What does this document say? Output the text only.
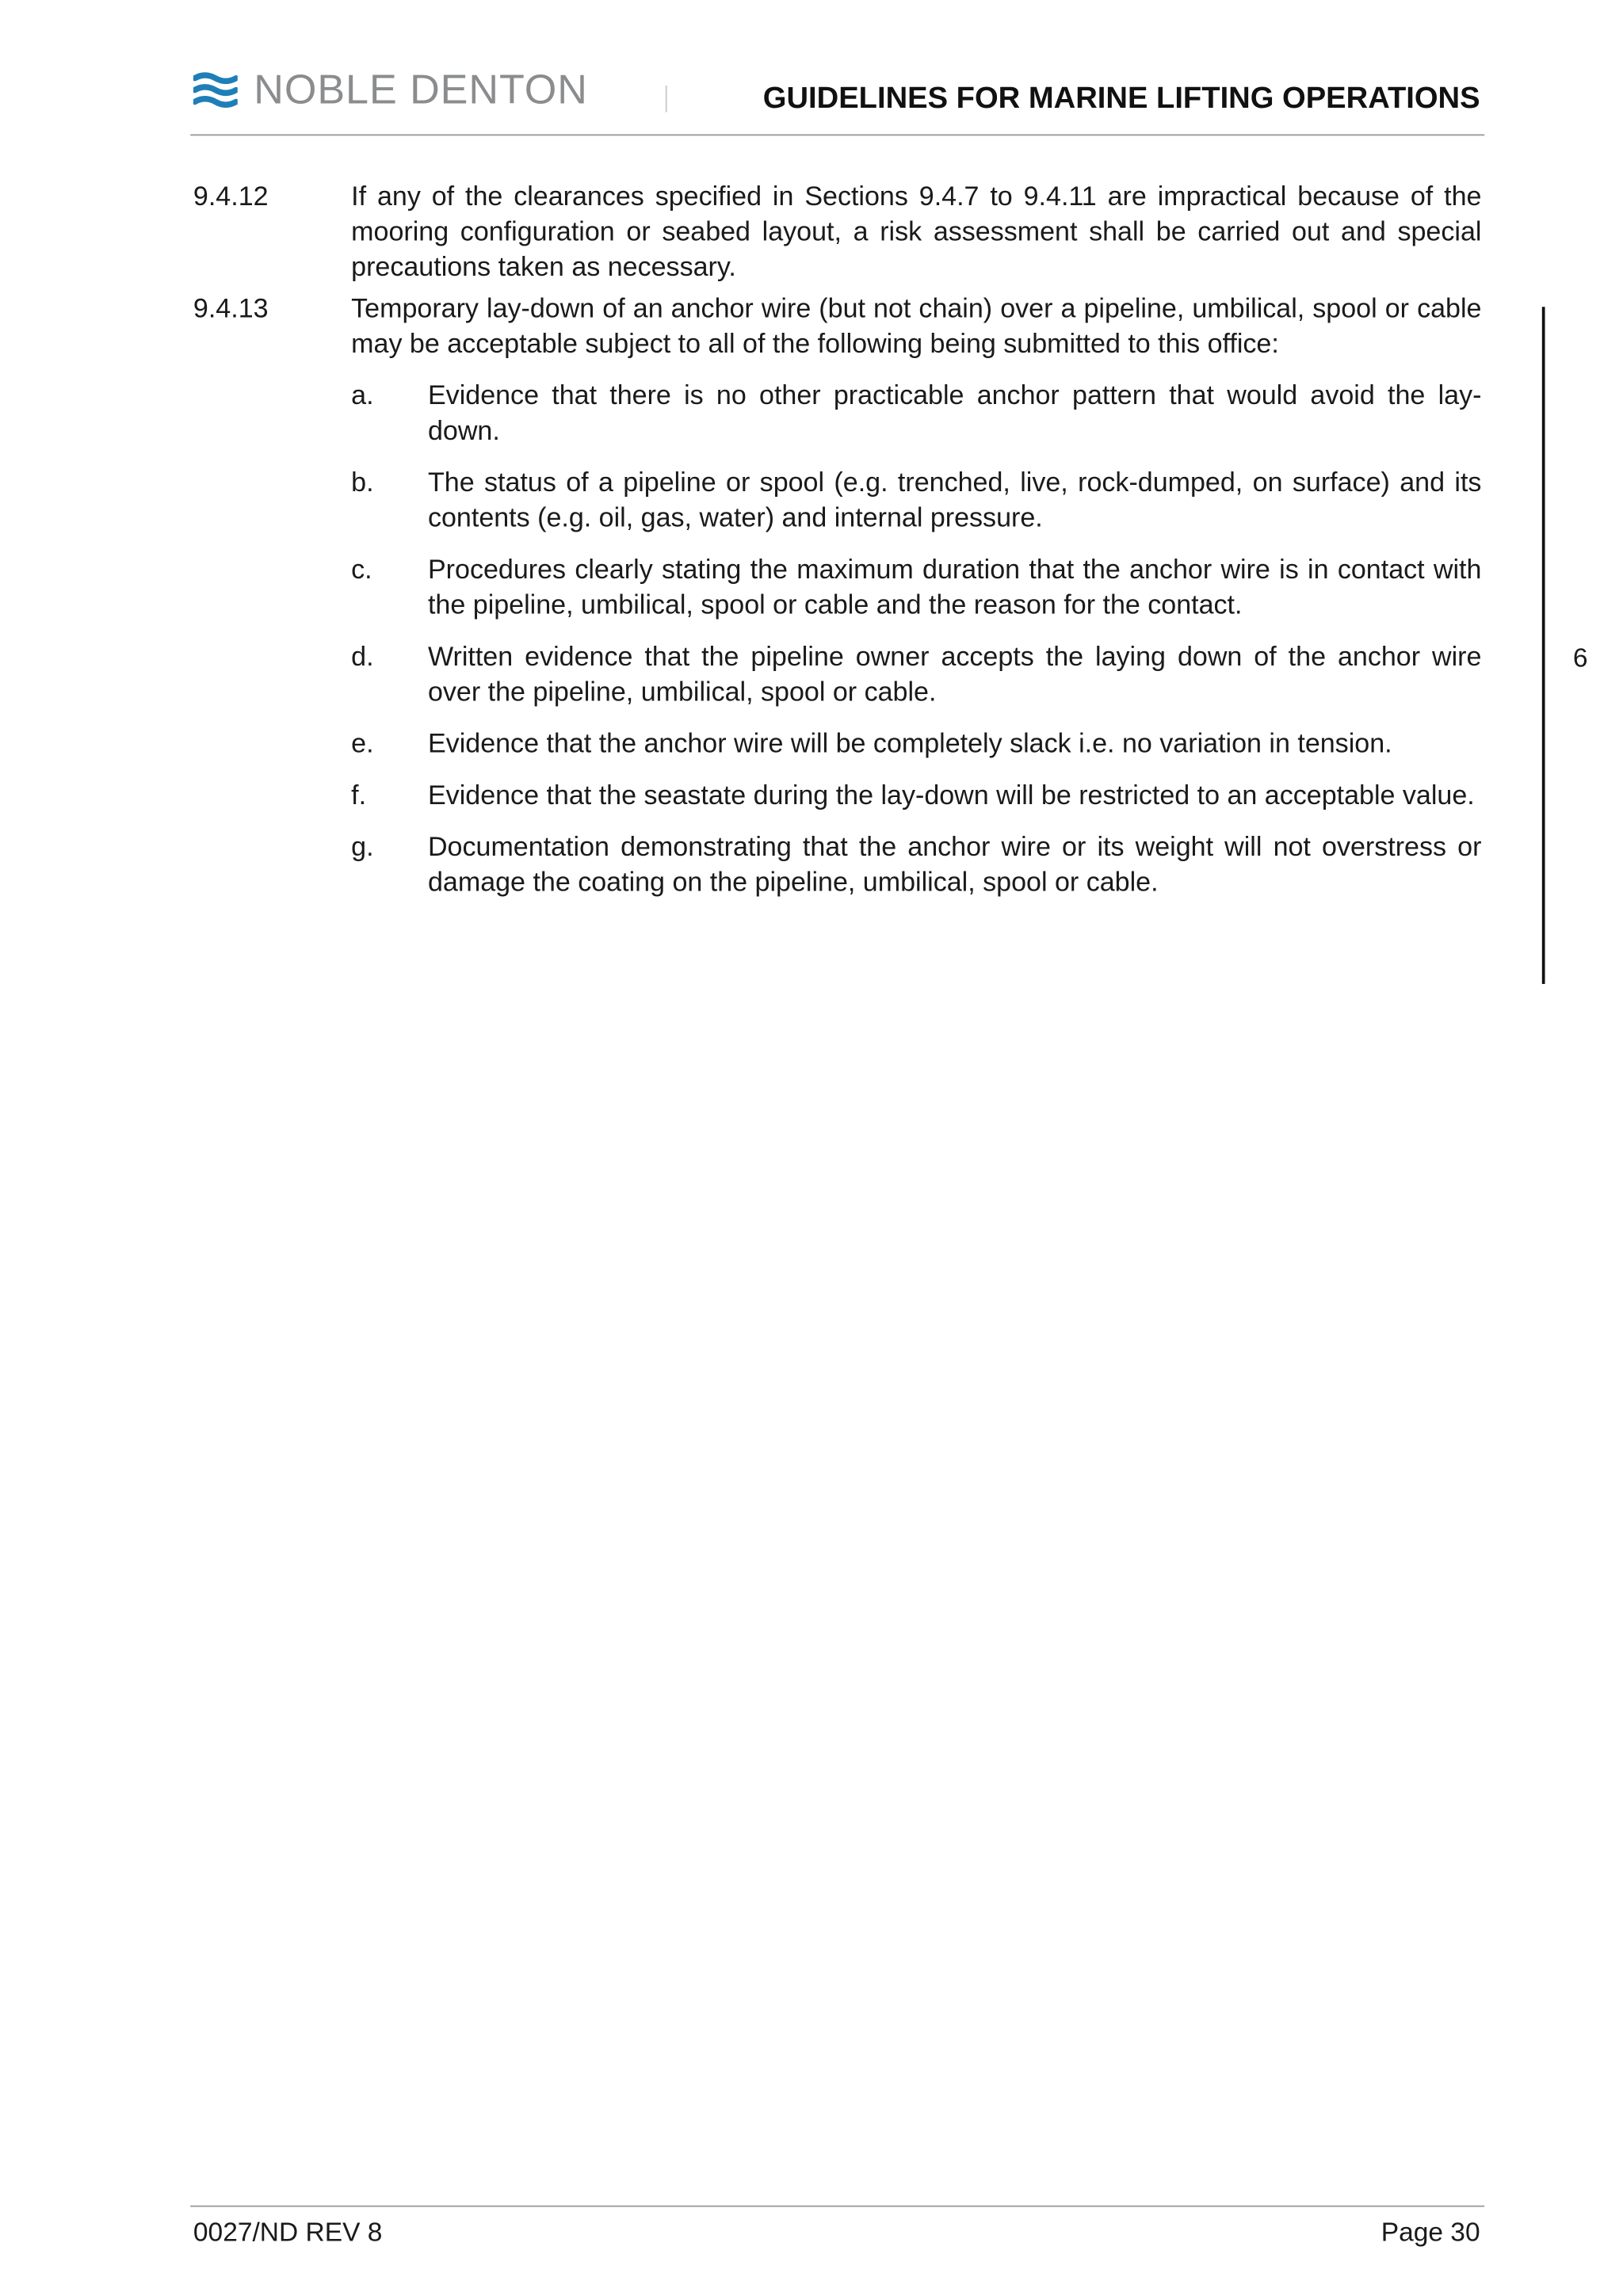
NOBLE DENTON	GUIDELINES FOR MARINE LIFTING OPERATIONS
9.4.12	If any of the clearances specified in Sections 9.4.7 to 9.4.11 are impractical because of the mooring configuration or seabed layout, a risk assessment shall be carried out and special precautions taken as necessary.
9.4.13	Temporary lay-down of an anchor wire (but not chain) over a pipeline, umbilical, spool or cable may be acceptable subject to all of the following being submitted to this office:
a.	Evidence that there is no other practicable anchor pattern that would avoid the lay-down.
b.	The status of a pipeline or spool (e.g. trenched, live, rock-dumped, on surface) and its contents (e.g. oil, gas, water) and internal pressure.
c.	Procedures clearly stating the maximum duration that the anchor wire is in contact with the pipeline, umbilical, spool or cable and the reason for the contact.
d.	Written evidence that the pipeline owner accepts the laying down of the anchor wire over the pipeline, umbilical, spool or cable.
e.	Evidence that the anchor wire will be completely slack i.e. no variation in tension.
f.	Evidence that the seastate during the lay-down will be restricted to an acceptable value.
g.	Documentation demonstrating that the anchor wire or its weight will not overstress or damage the coating on the pipeline, umbilical, spool or cable.
6
0027/ND REV 8	Page 30
